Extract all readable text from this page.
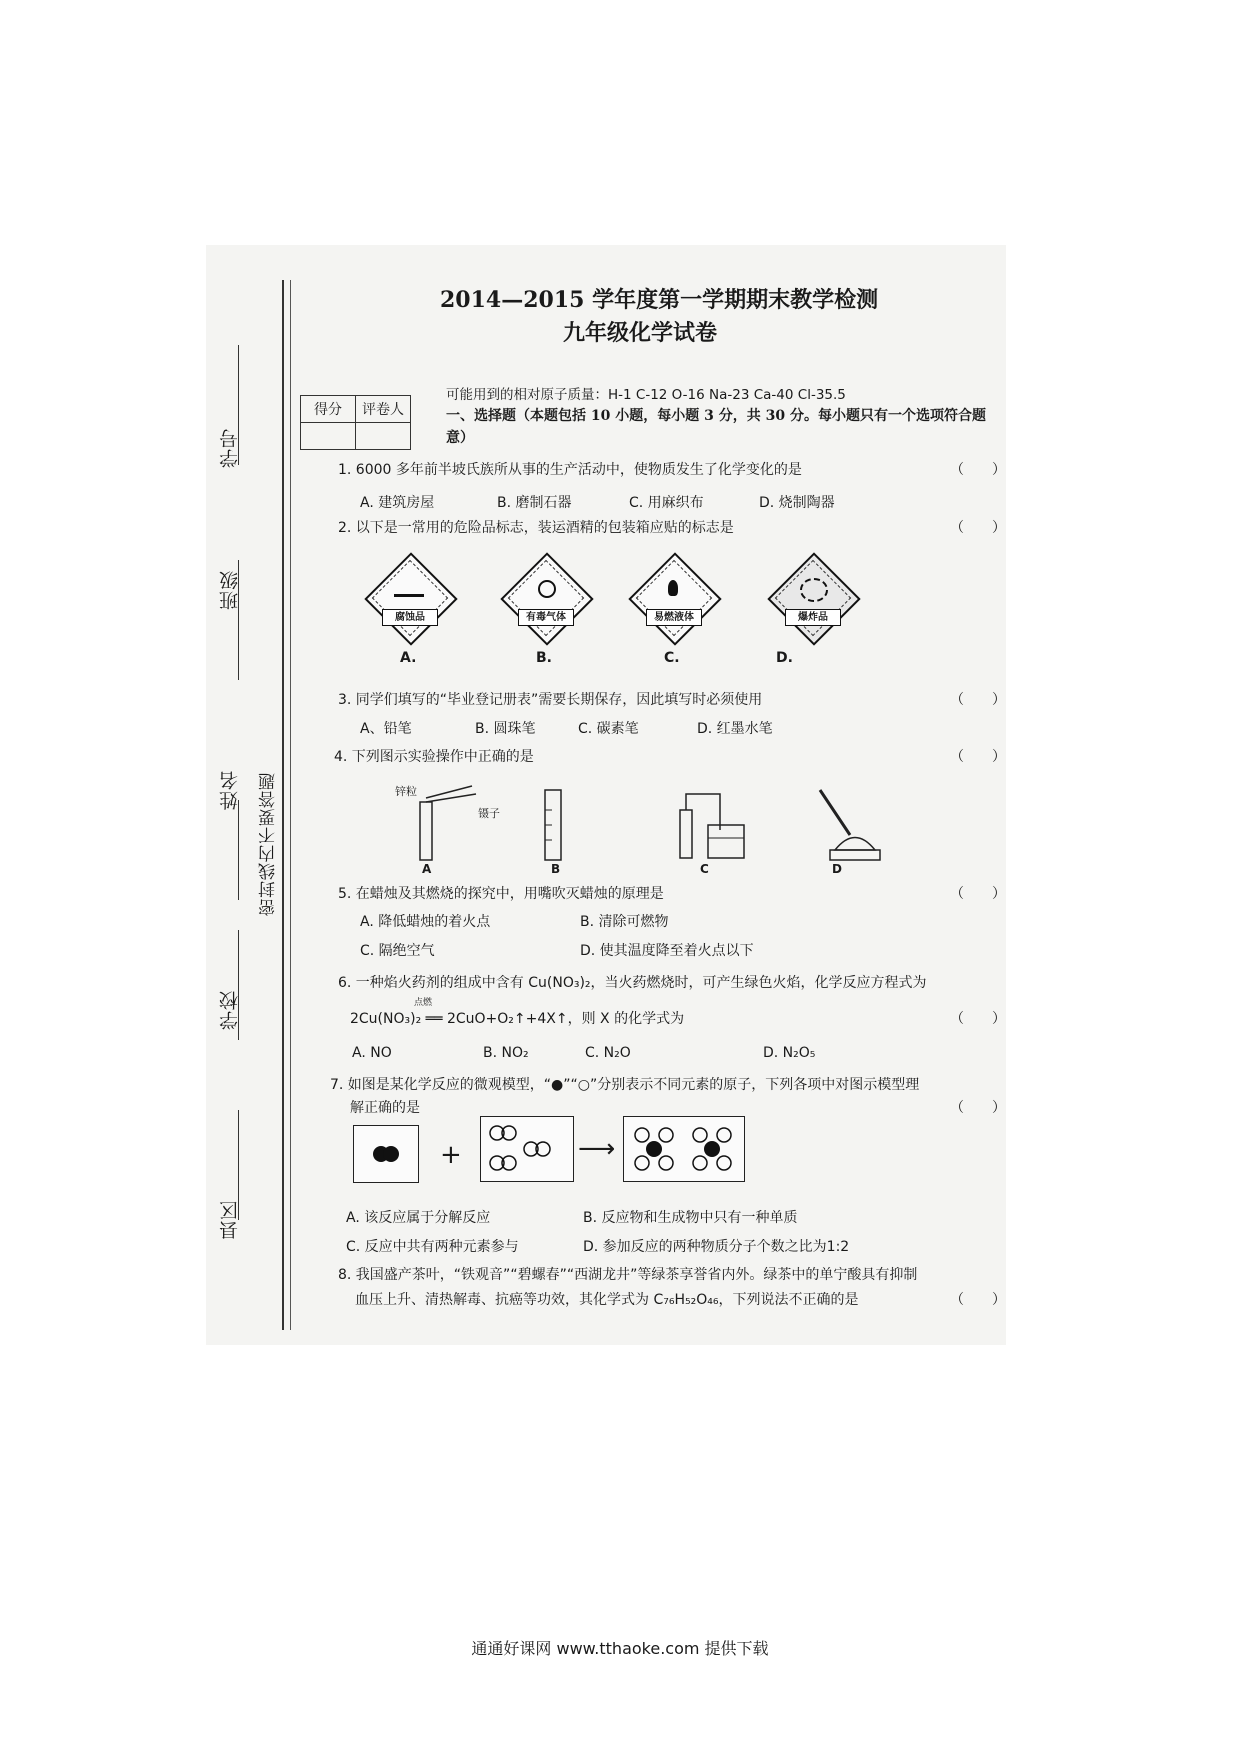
学号
班级
姓名 密封线内不要答题
学校
县区
2014—2015 学年度第一学期期末教学检测
九年级化学试卷
可能用到的相对原子质量：H-1 C-12 O-16 Na-23 Ca-40 Cl-35.5
得分	评卷人
		一、选择题（本题包括 10 小题，每小题 3 分，共 30 分。每小题只有一个选项符合题意）
1. 6000 多年前半坡氏族所从事的生产活动中，使物质发生了化学变化的是	（　　）
A. 建筑房屋	B. 磨制石器	C. 用麻织布	D. 烧制陶器
2. 以下是一常用的危险品标志，装运酒精的包装箱应贴的标志是	（　　）
腐蚀品	有毒气体	易燃液体	爆炸品
A.	B.	C.	D.
3. 同学们填写的“毕业登记册表”需要长期保存，因此填写时必须使用	（　　）
A、铅笔	B. 圆珠笔	C. 碳素笔	D. 红墨水笔
4. 下列图示实验操作中正确的是	（　　）
锌粒
镊子
A	B	C	D
5. 在蜡烛及其燃烧的探究中，用嘴吹灭蜡烛的原理是	（　　）
A. 降低蜡烛的着火点	B. 清除可燃物
C. 隔绝空气	D. 使其温度降至着火点以下
6. 一种焰火药剂的组成中含有 Cu(NO₃)₂，当火药燃烧时，可产生绿色火焰，化学反应方程式为
点燃
2Cu(NO₃)₂ ══ 2CuO+O₂↑+4X↑，则 X 的化学式为	（　　）
A. NO	B. NO₂	C. N₂O	D. N₂O₅
7. 如图是某化学反应的微观模型，“●”“○”分别表示不同元素的原子，下列各项中对图示模型理
解正确的是	（　　）
+	⟶
A. 该反应属于分解反应	B. 反应物和生成物中只有一种单质
C. 反应中共有两种元素参与	D. 参加反应的两种物质分子个数之比为1:2
8. 我国盛产茶叶，“铁观音”“碧螺春”“西湖龙井”等绿茶享誉省内外。绿茶中的单宁酸具有抑制
血压上升、清热解毒、抗癌等功效，其化学式为 C₇₆H₅₂O₄₆，下列说法不正确的是	（　　）
通通好课网 www.tthaoke.com 提供下载
